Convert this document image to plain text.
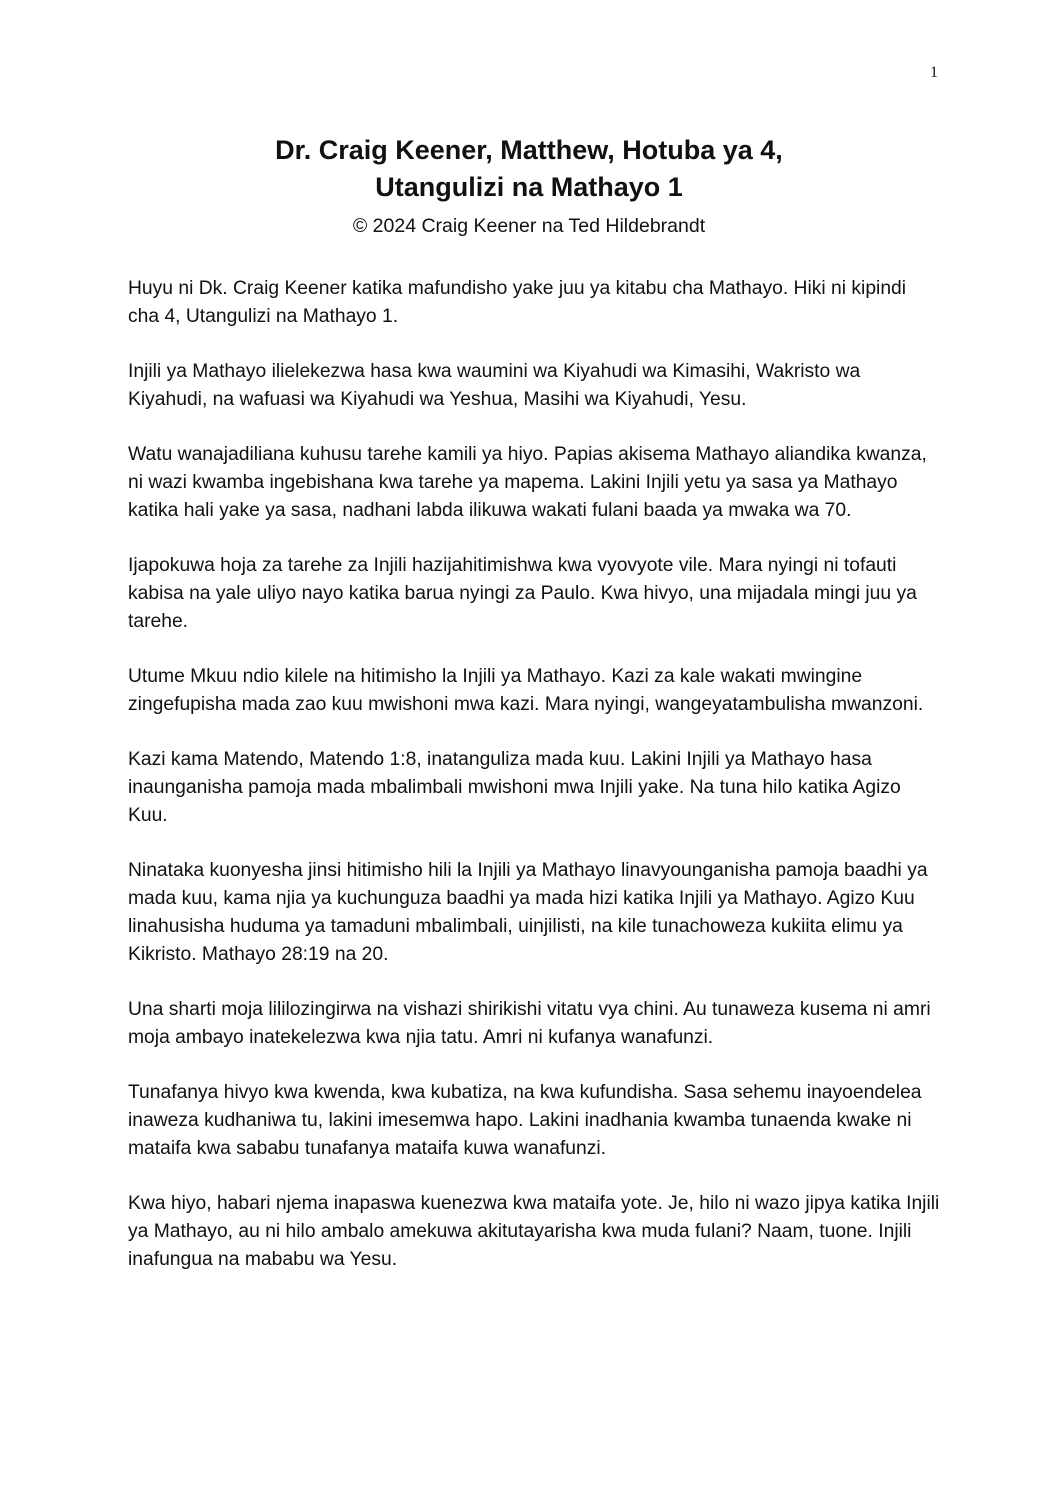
1
Dr. Craig Keener, Matthew, Hotuba ya 4,
Utangulizi na Mathayo 1
© 2024 Craig Keener na Ted Hildebrandt

Huyu ni Dk. Craig Keener katika mafundisho yake juu ya kitabu cha Mathayo. Hiki ni kipindi cha 4, Utangulizi na Mathayo 1.

Injili ya Mathayo ilielekezwa hasa kwa waumini wa Kiyahudi wa Kimasihi, Wakristo wa Kiyahudi, na wafuasi wa Kiyahudi wa Yeshua, Masihi wa Kiyahudi, Yesu.

Watu wanajadiliana kuhusu tarehe kamili ya hiyo. Papias akisema Mathayo aliandika kwanza, ni wazi kwamba ingebishana kwa tarehe ya mapema. Lakini Injili yetu ya sasa ya Mathayo katika hali yake ya sasa, nadhani labda ilikuwa wakati fulani baada ya mwaka wa 70.

Ijapokuwa hoja za tarehe za Injili hazijahitimishwa kwa vyovyote vile. Mara nyingi ni tofauti kabisa na yale uliyo nayo katika barua nyingi za Paulo. Kwa hivyo, una mijadala mingi juu ya tarehe.

Utume Mkuu ndio kilele na hitimisho la Injili ya Mathayo. Kazi za kale wakati mwingine zingefupisha mada zao kuu mwishoni mwa kazi. Mara nyingi, wangeyatambulisha mwanzoni.

Kazi kama Matendo, Matendo 1:8, inatanguliza mada kuu. Lakini Injili ya Mathayo hasa inaunganisha pamoja mada mbalimbali mwishoni mwa Injili yake. Na tuna hilo katika Agizo Kuu.

Ninataka kuonyesha jinsi hitimisho hili la Injili ya Mathayo linavyounganisha pamoja baadhi ya mada kuu, kama njia ya kuchunguza baadhi ya mada hizi katika Injili ya Mathayo. Agizo Kuu linahusisha huduma ya tamaduni mbalimbali, uinjilisti, na kile tunachoweza kukiita elimu ya Kikristo. Mathayo 28:19 na 20.

Una sharti moja lililozingirwa na vishazi shirikishi vitatu vya chini. Au tunaweza kusema ni amri moja ambayo inatekelezwa kwa njia tatu. Amri ni kufanya wanafunzi.

Tunafanya hivyo kwa kwenda, kwa kubatiza, na kwa kufundisha. Sasa sehemu inayoendelea inaweza kudhaniwa tu, lakini imesemwa hapo. Lakini inadhania kwamba tunaenda kwake ni mataifa kwa sababu tunafanya mataifa kuwa wanafunzi.

Kwa hiyo, habari njema inapaswa kuenezwa kwa mataifa yote. Je, hilo ni wazo jipya katika Injili ya Mathayo, au ni hilo ambalo amekuwa akitutayarisha kwa muda fulani? Naam, tuone. Injili inafungua na mababu wa Yesu.
